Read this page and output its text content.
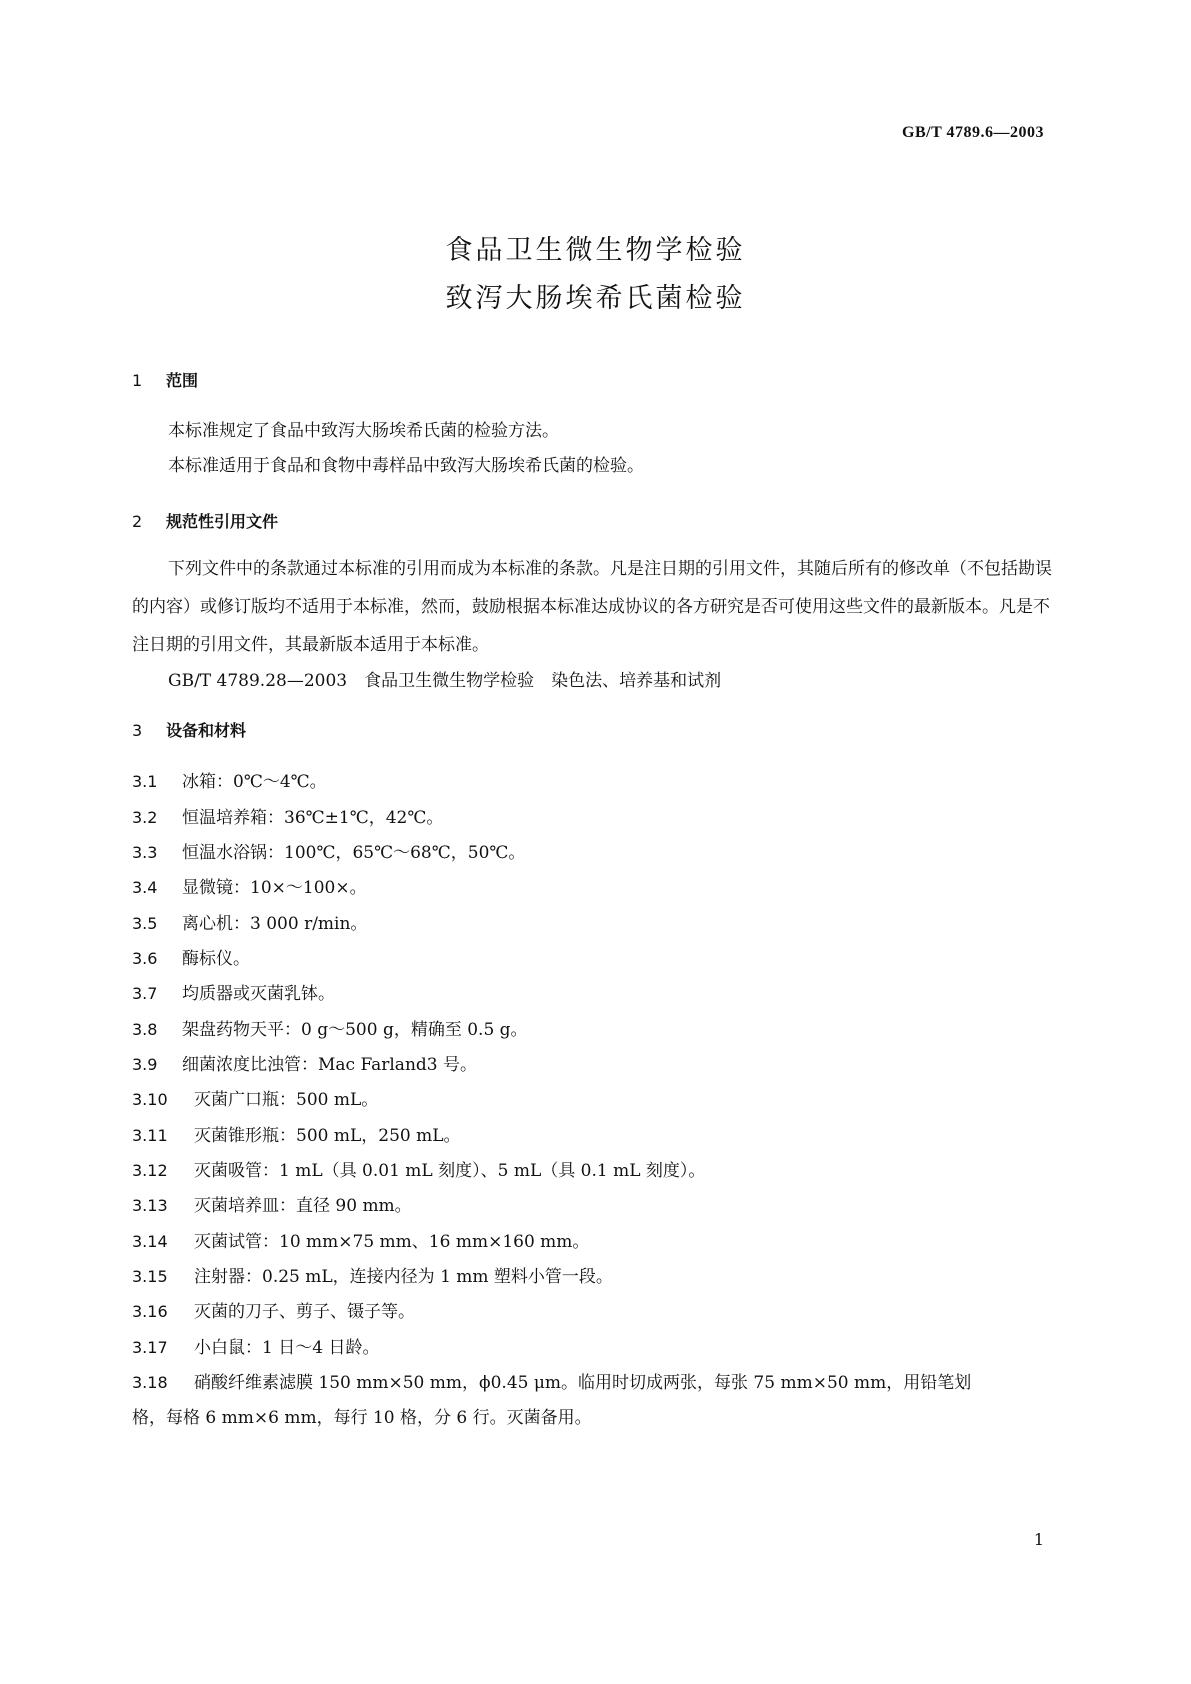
GB/T 4789.6—2003
食品卫生微生物学检验
致泻大肠埃希氏菌检验
1 范围
本标准规定了食品中致泻大肠埃希氏菌的检验方法。
本标准适用于食品和食物中毒样品中致泻大肠埃希氏菌的检验。
2 规范性引用文件
下列文件中的条款通过本标准的引用而成为本标准的条款。凡是注日期的引用文件，其随后所有的修改单（不包括勘误的内容）或修订版均不适用于本标准，然而，鼓励根据本标准达成协议的各方研究是否可使用这些文件的最新版本。凡是不注日期的引用文件，其最新版本适用于本标准。
GB/T 4789.28—2003　食品卫生微生物学检验　染色法、培养基和试剂
3 设备和材料
3.1 冰箱：0℃～4℃。
3.2 恒温培养箱：36℃±1℃，42℃。
3.3 恒温水浴锅：100℃，65℃～68℃，50℃。
3.4 显微镜：10×～100×。
3.5 离心机：3 000 r/min。
3.6 酶标仪。
3.7 均质器或灭菌乳钵。
3.8 架盘药物天平：0 g～500 g，精确至 0.5 g。
3.9 细菌浓度比浊管：Mac Farland3 号。
3.10 灭菌广口瓶：500 mL。
3.11 灭菌锥形瓶：500 mL，250 mL。
3.12 灭菌吸管：1 mL（具 0.01 mL 刻度）、5 mL（具 0.1 mL 刻度）。
3.13 灭菌培养皿：直径 90 mm。
3.14 灭菌试管：10 mm×75 mm、16 mm×160 mm。
3.15 注射器：0.25 mL，连接内径为 1 mm 塑料小管一段。
3.16 灭菌的刀子、剪子、镊子等。
3.17 小白鼠：1 日～4 日龄。
3.18 硝酸纤维素滤膜 150 mm×50 mm，ϕ0.45 μm。临用时切成两张，每张 75 mm×50 mm，用铅笔划
格，每格 6 mm×6 mm，每行 10 格，分 6 行。灭菌备用。
1
